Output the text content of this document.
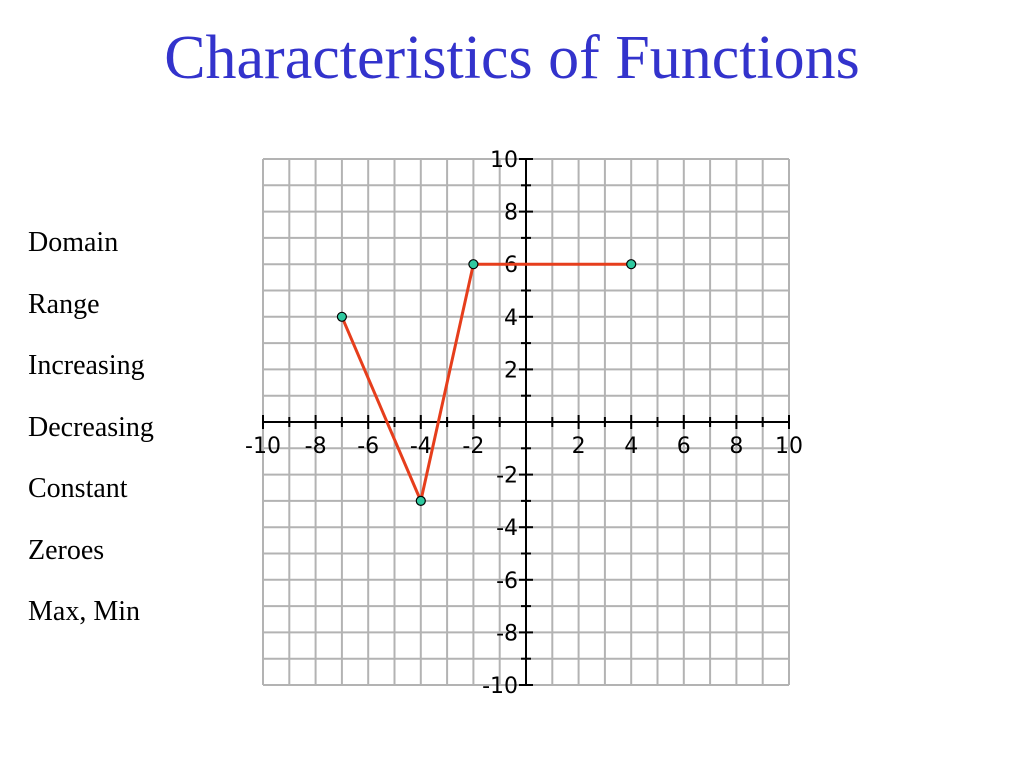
Characteristics of Functions
Domain
Range
Increasing
Decreasing
Constant
Zeroes
Max, Min
-10 -8 -6 -4 -2	2 4 6 8 10
10
8
6
4
2
-2
-4
-6
-8
-10
